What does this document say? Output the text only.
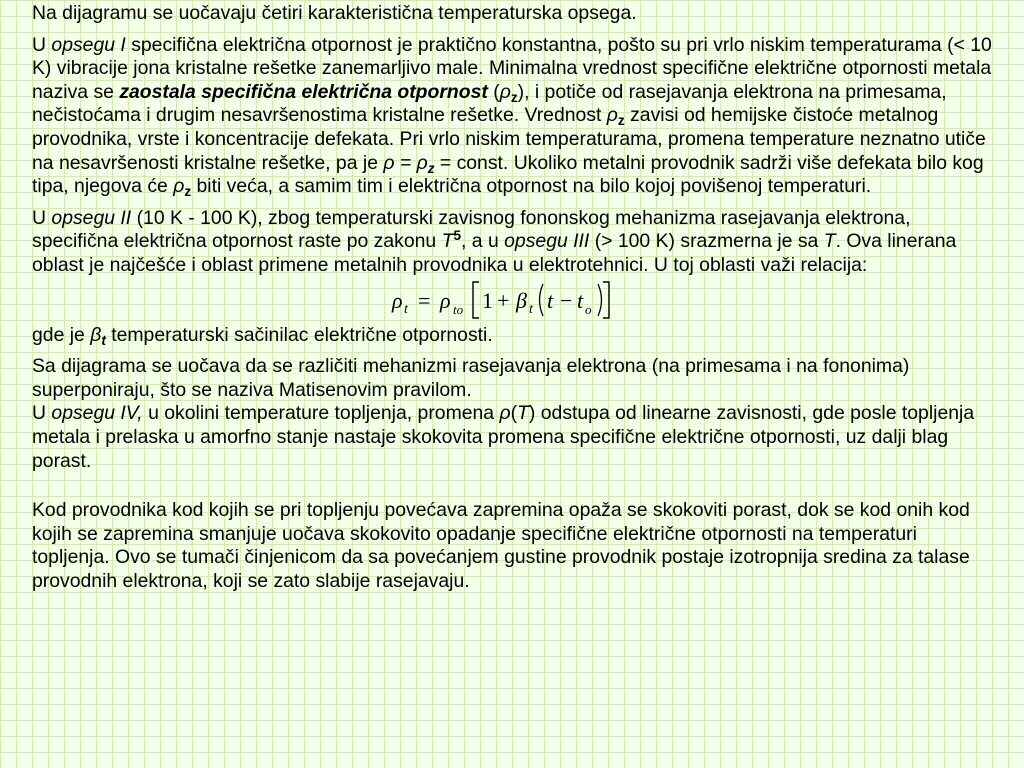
Na dijagramu se uočavaju četiri karakteristična temperaturska opsega.

U opsegu I specifična električna otpornost je praktično konstantna, pošto su pri vrlo niskim temperaturama (< 10 K) vibracije jona kristalne rešetke zanemarljivo male. Minimalna vrednost specifične električne otpornosti metala naziva se zaostala specifična električna otpornost $(\rho_z)$, i potiče od rasejavanja elektrona na primesama, nečistoćama i drugim nesavršenostima kristalne rešetke. Vrednost $\rho_z$ zavisi od hemijske čistoće metalnog provodnika, vrste i koncentracije defekata. Pri vrlo niskim temperaturama, promena temperature neznatno utiče na nesavršenosti kristalne rešetke, pa je $\rho = \rho_z$ = const. Ukoliko metalni provodnik sadrži više defekata bilo kog tipa, njegova će $\rho_z$ biti veća, a samim tim i električna otpornost na bilo kojoj povišenoj temperaturi.

U opsegu II (10 K - 100 K), zbog temperaturski zavisnog fononskog mehanizma rasejavanja elektrona, specifična električna otpornost raste po zakonu $T^5$, a u opsegu III (> 100 K) srazmerna je sa T. Ova linerana oblast je najčešće i oblast primene metalnih provodnika u elektrotehnici. U toj oblasti važi relacija:

ρ t = ρ to 1 + β t t − t o

gde je $\beta_t$ temperaturski sačinilac električne otpornosti.

Sa dijagrama se uočava da se različiti mehanizmi rasejavanja elektrona (na primesama i na fononima) superponiraju, što se naziva Matisenovim pravilom.
U opsegu IV, u okolini temperature topljenja, promena ρ(T) odstupa od linearne zavisnosti, gde posle topljenja metala i prelaska u amorfno stanje nastaje skokovita promena specifične električne otpornosti, uz dalji blag porast.

Kod provodnika kod kojih se pri topljenju povećava zapremina opaža se skokoviti porast, dok se kod onih kod kojih se zapremina smanjuje uočava skokovito opadanje specifične električne otpornosti na temperaturi topljenja. Ovo se tumači činjenicom da sa povećanjem gustine provodnik postaje izotropnija sredina za talase provodnih elektrona, koji se zato slabije rasejavaju.
